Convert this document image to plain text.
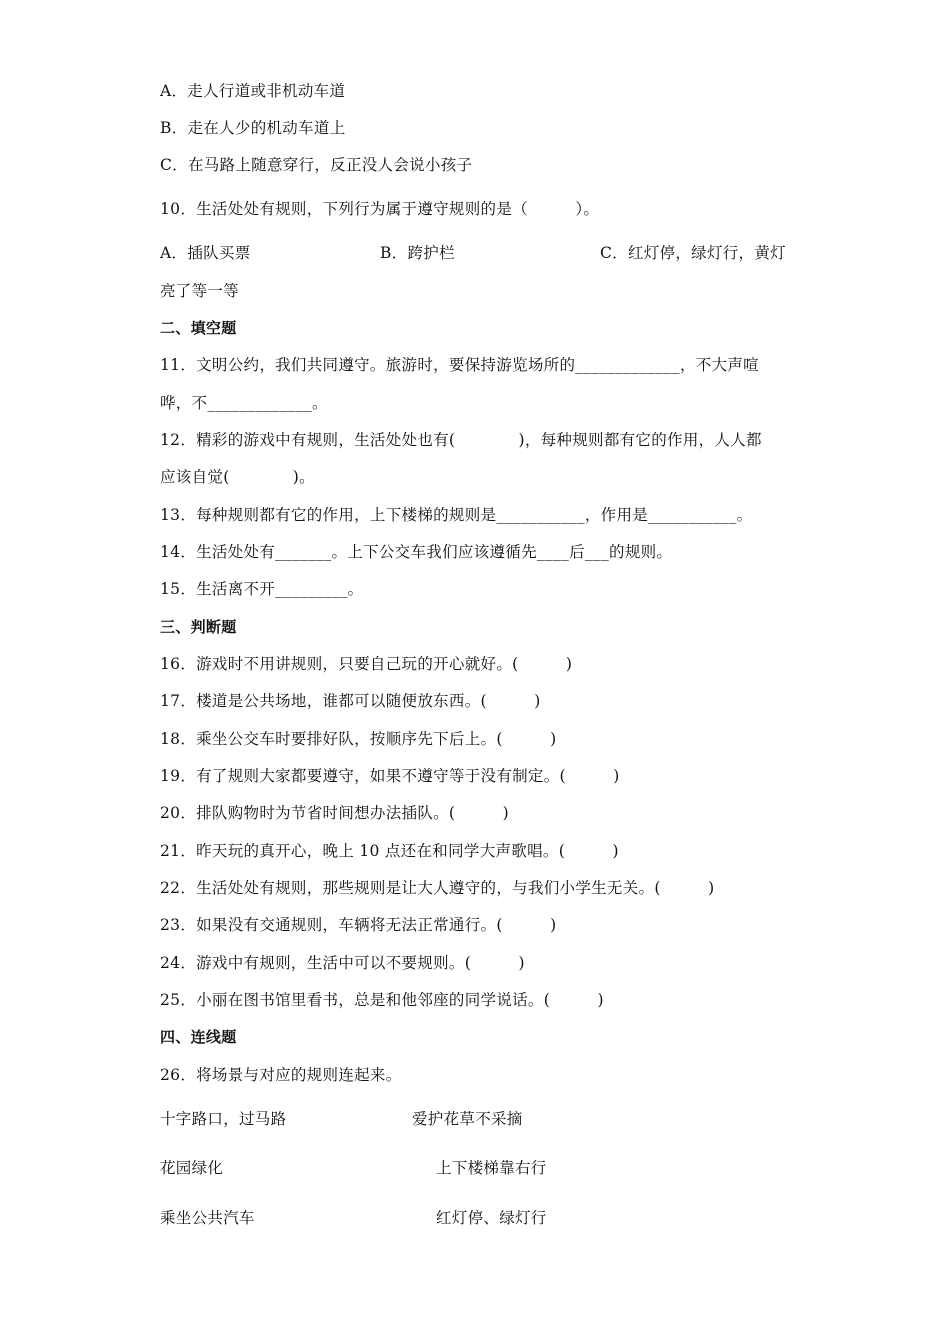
A．走人行道或非机动车道
B．走在人少的机动车道上
C．在马路上随意穿行，反正没人会说小孩子
10．生活处处有规则，下列行为属于遵守规则的是（　　　）。
A．插队买票	B．跨护栏	C．红灯停，绿灯行，黄灯
亮了等一等
二、填空题
11．文明公约，我们共同遵守。旅游时，要保持游览场所的_____________，不大声喧
哗，不_____________。
12．精彩的游戏中有规则，生活处处也有(　　　　)，每种规则都有它的作用，人人都
应该自觉(　　　　)。
13．每种规则都有它的作用，上下楼梯的规则是___________，作用是___________。
14．生活处处有_______。上下公交车我们应该遵循先____后___的规则。
15．生活离不开_________。
三、判断题
16．游戏时不用讲规则，只要自己玩的开心就好。(　　　)
17．楼道是公共场地，谁都可以随便放东西。(　　　)
18．乘坐公交车时要排好队，按顺序先下后上。(　　　)
19．有了规则大家都要遵守，如果不遵守等于没有制定。(　　　)
20．排队购物时为节省时间想办法插队。(　　　)
21．昨天玩的真开心，晚上 10 点还在和同学大声歌唱。(　　　)
22．生活处处有规则，那些规则是让大人遵守的，与我们小学生无关。(　　　)
23．如果没有交通规则，车辆将无法正常通行。(　　　)
24．游戏中有规则，生活中可以不要规则。(　　　)
25．小丽在图书馆里看书，总是和他邻座的同学说话。(　　　)
四、连线题
26．将场景与对应的规则连起来。
十字路口，过马路	爱护花草不采摘
花园绿化	上下楼梯靠右行
乘坐公共汽车	红灯停、绿灯行
